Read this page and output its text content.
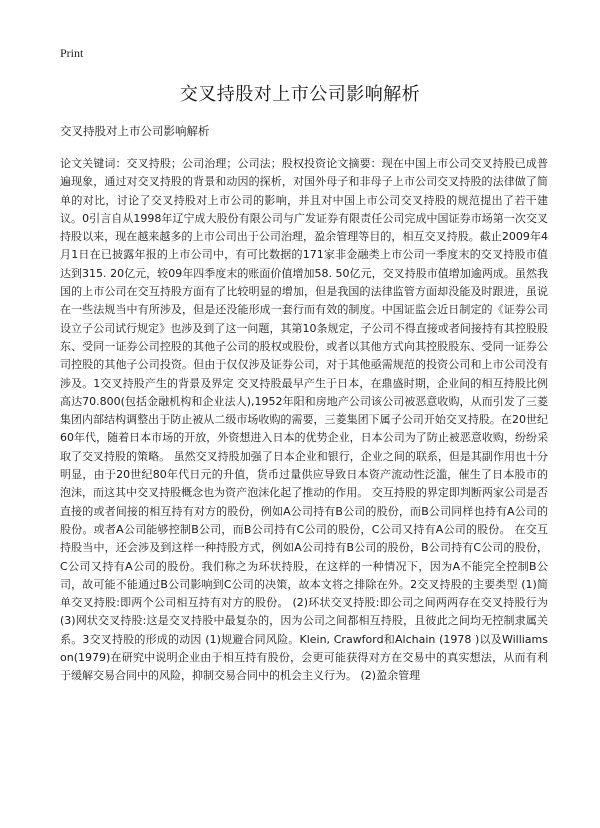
Print
交叉持股对上市公司影响解析
交叉持股对上市公司影响解析

论文关键词：交叉持股；公司治理；公司法；股权投资论文摘要：现在中国上市公司交叉持股已成普遍现象，通过对交叉持股的背景和动因的探析，对国外母子和非母子上市公司交叉持股的法律做了简单的对比，讨论了交叉持股对上市公司的影响，并且对中国上市公司交叉持股的规范提出了若干建议。0引言自从1998年辽宁成大股份有限公司与广发证券有限责任公司完成中国证券市场第一次交叉持股以来，现在越来越多的上市公司出于公司治理，盈余管理等目的，相互交叉持股。截止2009年4月1日在已披露年报的上市公司中，有可比数据的171家非金融类上市公司一季度末的交叉持股市值达到315. 20亿元，较09年四季度末的账面价值增加58. 50亿元，交叉持股市值增加逾两成。虽然我国的上市公司在交互持股方面有了比较明显的增加，但是我国的法律监管方面却没能及时跟进，虽说在一些法规当中有所涉及，但是还没能形成一套行而有效的制度。中国证监会近日制定的《证券公司设立子公司试行规定》也涉及到了这一问题，其第10条规定，子公司不得直接或者间接持有其控股股东、受同一证券公司控股的其他子公司的股权或股份，或者以其他方式向其控股股东、受同一证券公司控股的其他子公司投资。但由于仅仅涉及证券公司，对于其他亟需规范的投资公司和上市公司没有涉及。1交叉持股产生的背景及界定 交叉持股最早产生于日本，在鼎盛时期，企业间的相互持股比例高达70.800(包括金融机构和企业法人),1952年阳和房地产公司该公司被恶意收购，从而引发了三菱集团内部结构调整出于防止被从二级市场收购的需要，三菱集团下属子公司开始交叉持股。在20世纪60年代，随着日本市场的开放，外资想进入日本的优势企业，日本公司为了防止被恶意收购，纷纷采取了交叉持股的策略。 虽然交叉持股加强了日本企业和银行，企业之间的联系，但是其副作用也十分明显，由于20世纪80年代日元的升值，货币过量供应导致日本资产流动性泛滥，催生了日本股市的泡沫，而这其中交叉持股概念也为资产泡沫化起了推动的作用。 交互持股的界定即判断两家公司是否直接的或者间接的相互持有对方的股份，例如A公司持有B公司的股份，而B公司同样也持有A公司的股份。或者A公司能够控制B公司，而B公司持有C公司的股份，C公司又持有A公司的股份。 在交互持股当中，还会涉及到这样一种持股方式，例如A公司持有B公司的股份，B公司持有C公司的股份，C公司又持有A公司的股份。我们称之为环状持股，在这样的一种情况下，因为A不能完全控制B公司，故可能不能通过B公司影响到C公司的决策，故本文将之排除在外。2交叉持股的主要类型 (1)简单交叉持股:即两个公司相互持有对方的股份。 (2)环状交叉持股:即公司之间两两存在交叉持股行为 (3)网状交叉持股:这是交叉持股中最复杂的，因为公司之间都相互持股，且彼此之间均无控制隶属关系。3交叉持股的形成的动因 (1)规避合同风险。Klein, Crawford和Alchain (1978 )以及Williamson(1979)在研究中说明企业由于相互持有股份，会更可能获得对方在交易中的真实想法，从而有利于缓解交易合同中的风险，抑制交易合同中的机会主义行为。 (2)盈余管理
